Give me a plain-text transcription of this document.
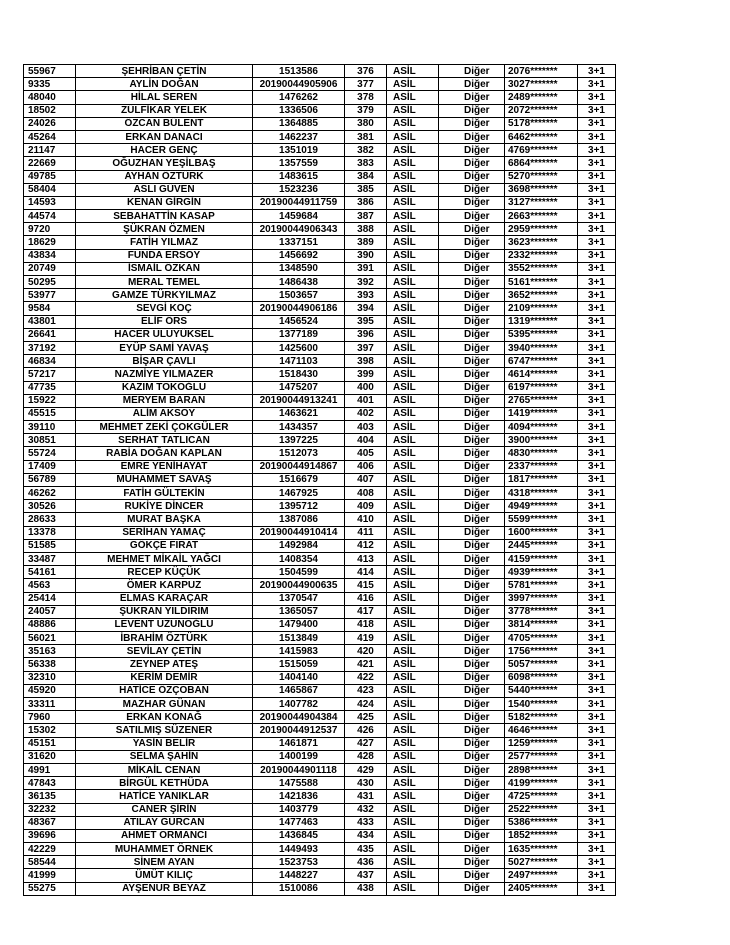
55967	ŞEHRİBAN ÇETİN	1513586	376	ASİL	Diğer	2076*******	3+1
9335	AYLİN DOĞAN	20190044905906	377	ASİL	Diğer	3027*******	3+1
48040	HİLAL SEREN	1476262	378	ASİL	Diğer	2489*******	3+1
18502	ZÜLFİKAR YELEK	1336506	379	ASİL	Diğer	2072*******	3+1
24026	ÖZCAN BÜLENT	1364885	380	ASİL	Diğer	5178*******	3+1
45264	ERKAN DANACI	1462237	381	ASİL	Diğer	6462*******	3+1
21147	HACER GENÇ	1351019	382	ASİL	Diğer	4769*******	3+1
22669	OĞUZHAN YEŞİLBAŞ	1357559	383	ASİL	Diğer	6864*******	3+1
49785	AYHAN ÖZTÜRK	1483615	384	ASİL	Diğer	5270*******	3+1
58404	ASLI GÜVEN	1523236	385	ASİL	Diğer	3698*******	3+1
14593	KENAN GİRGİN	20190044911759	386	ASİL	Diğer	3127*******	3+1
44574	SEBAHATTİN KASAP	1459684	387	ASİL	Diğer	2663*******	3+1
9720	ŞÜKRAN ÖZMEN	20190044906343	388	ASİL	Diğer	2959*******	3+1
18629	FATİH YILMAZ	1337151	389	ASİL	Diğer	3623*******	3+1
43834	FUNDA ERSOY	1456692	390	ASİL	Diğer	2332*******	3+1
20749	İSMAİL ÖZKAN	1348590	391	ASİL	Diğer	3552*******	3+1
50295	MERAL TEMEL	1486438	392	ASİL	Diğer	5161*******	3+1
53977	GAMZE TÜRKYILMAZ	1503657	393	ASİL	Diğer	3652*******	3+1
9584	SEVGİ KOÇ	20190044906186	394	ASİL	Diğer	2109*******	3+1
43801	ELİF ÖRS	1456524	395	ASİL	Diğer	1319*******	3+1
26641	HACER ULUYÜKSEL	1377189	396	ASİL	Diğer	5395*******	3+1
37192	EYÜP SAMİ YAVAŞ	1425600	397	ASİL	Diğer	3940*******	3+1
46834	BİŞAR ÇAVLI	1471103	398	ASİL	Diğer	6747*******	3+1
57217	NAZMİYE YILMAZER	1518430	399	ASİL	Diğer	4614*******	3+1
47735	KAZIM TOKOĞLU	1475207	400	ASİL	Diğer	6197*******	3+1
15922	MERYEM BARAN	20190044913241	401	ASİL	Diğer	2765*******	3+1
45515	ALİM AKSOY	1463621	402	ASİL	Diğer	1419*******	3+1
39110	MEHMET ZEKİ ÇOKGÜLER	1434357	403	ASİL	Diğer	4094*******	3+1
30851	SERHAT TATLICAN	1397225	404	ASİL	Diğer	3900*******	3+1
55724	RABİA DOĞAN KAPLAN	1512073	405	ASİL	Diğer	4830*******	3+1
17409	EMRE YENİHAYAT	20190044914867	406	ASİL	Diğer	2337*******	3+1
56789	MUHAMMET SAVAŞ	1516679	407	ASİL	Diğer	1817*******	3+1
46262	FATİH GÜLTEKİN	1467925	408	ASİL	Diğer	4318*******	3+1
30526	RUKİYE DİNCER	1395712	409	ASİL	Diğer	4949*******	3+1
28633	MURAT BAŞKA	1387086	410	ASİL	Diğer	5599*******	3+1
13378	SERİHAN YAMAÇ	20190044910414	411	ASİL	Diğer	1600*******	3+1
51585	GÖKÇE FIRAT	1492984	412	ASİL	Diğer	2445*******	3+1
33487	MEHMET MİKAİL YAĞCI	1408354	413	ASİL	Diğer	4159*******	3+1
54161	RECEP KÜÇÜK	1504599	414	ASİL	Diğer	4939*******	3+1
4563	ÖMER KARPUZ	20190044900635	415	ASİL	Diğer	5781*******	3+1
25414	ELMAS KARAÇAR	1370547	416	ASİL	Diğer	3997*******	3+1
24057	ŞÜKRAN YILDIRIM	1365057	417	ASİL	Diğer	3778*******	3+1
48886	LEVENT UZUNOĞLU	1479400	418	ASİL	Diğer	3814*******	3+1
56021	İBRAHİM ÖZTÜRK	1513849	419	ASİL	Diğer	4705*******	3+1
35163	SEVİLAY ÇETİN	1415983	420	ASİL	Diğer	1756*******	3+1
56338	ZEYNEP ATEŞ	1515059	421	ASİL	Diğer	5057*******	3+1
32310	KERİM DEMİR	1404140	422	ASİL	Diğer	6098*******	3+1
45920	HATİCE ÖZÇOBAN	1465867	423	ASİL	Diğer	5440*******	3+1
33311	MAZHAR GÜNAN	1407782	424	ASİL	Diğer	1540*******	3+1
7960	ERKAN KONAĞ	20190044904384	425	ASİL	Diğer	5182*******	3+1
15302	SATILMIŞ SÜZENER	20190044912537	426	ASİL	Diğer	4646*******	3+1
45151	YASİN BELİR	1461871	427	ASİL	Diğer	1259*******	3+1
31620	SELMA ŞAHİN	1400199	428	ASİL	Diğer	2577*******	3+1
4991	MİKAİL CENAN	20190044901118	429	ASİL	Diğer	2898*******	3+1
47843	BİRGÜL KETHÜDA	1475588	430	ASİL	Diğer	4199*******	3+1
36135	HATİCE YANIKLAR	1421836	431	ASİL	Diğer	4725*******	3+1
32232	CANER ŞİRİN	1403779	432	ASİL	Diğer	2522*******	3+1
48367	ATILAY GÜRCAN	1477463	433	ASİL	Diğer	5386*******	3+1
39696	AHMET ORMANCI	1436845	434	ASİL	Diğer	1852*******	3+1
42229	MUHAMMET ÖRNEK	1449493	435	ASİL	Diğer	1635*******	3+1
58544	SİNEM AYAN	1523753	436	ASİL	Diğer	5027*******	3+1
41999	ÜMÜT KILIÇ	1448227	437	ASİL	Diğer	2497*******	3+1
55275	AYŞENUR BEYAZ	1510086	438	ASİL	Diğer	2405*******	3+1
